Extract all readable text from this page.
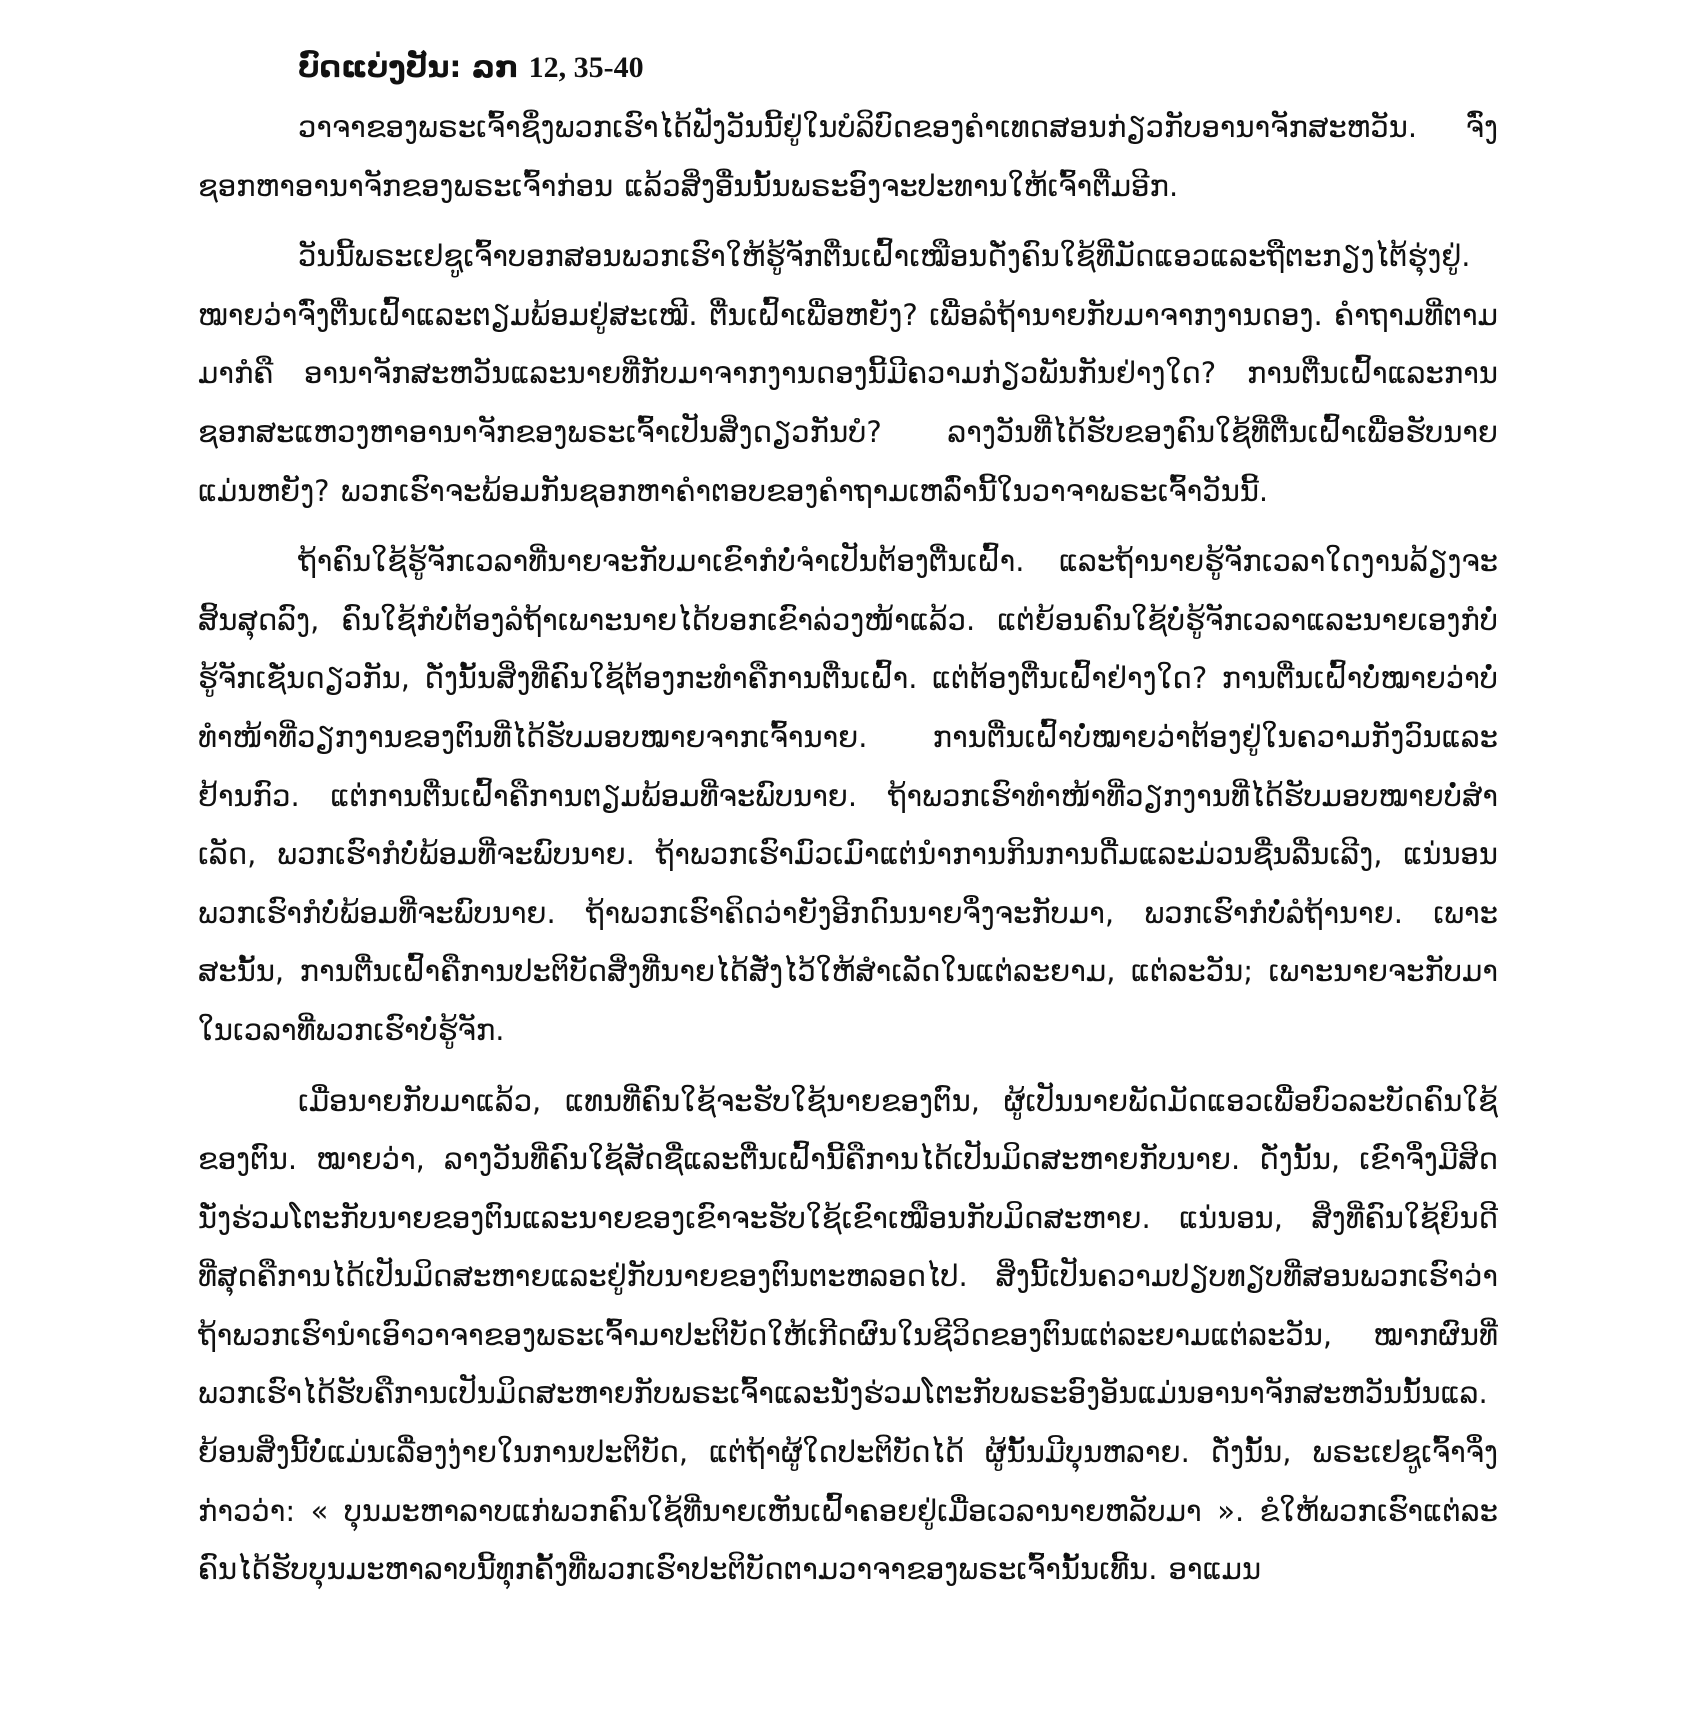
ບົດແບ່ງປັນ: ລກ 12, 35-40

ວາຈາຂອງພຣະເຈົ້າຊຶ່ງພວກເຮົາໄດ້ຟັງວັນນີ້ຢູ່ໃນບໍລິບົດຂອງຄໍາເທດສອນກ່ຽວກັບອານາຈັກສະຫວັນ. ຈົ່ງຊອກຫາອານາຈັກຂອງພຣະເຈົ້າກ່ອນ ແລ້ວສິ່ງອື່ນນັ້ນພຣະອົງຈະປະທານໃຫ້ເຈົ້າຕື່ມອີກ.

ວັນນີ້ພຣະເຢຊູເຈົ້າບອກສອນພວກເຮົາໃຫ້ຮູ້ຈັກຕື່ນເຝົ້າເໝືອນດັ່ງຄົນໃຊ້ທີ່ມັດແອວແລະຖືຕະກຽງໄຕ້ຮຸ່ງຢູ່. ໝາຍວ່າຈົ່ງຕື່ນເຝົ້າແລະຕຽມພ້ອມຢູ່ສະເໝີ. ຕື່ນເຝົ້າເພື່ອຫຍັງ? ເພື່ອລໍຖ້ານາຍກັບມາຈາກງານດອງ. ຄໍາຖາມທີ່ຕາມມາກໍຄື ອານາຈັກສະຫວັນແລະນາຍທີ່ກັບມາຈາກງານດອງນີ້ມີຄວາມກ່ຽວພັນກັນຢ່າງໃດ? ການຕື່ນເຝົ້າແລະການຊອກສະແຫວງຫາອານາຈັກຂອງພຣະເຈົ້າເປັນສິ່ງດຽວກັນບໍ? ລາງວັນທີ່ໄດ້ຮັບຂອງຄົນໃຊ້ທີ່ຕື່ນເຝົ້າເພື່ອຮັບນາຍແມ່ນຫຍັງ? ພວກເຮົາຈະພ້ອມກັນຊອກຫາຄໍາຕອບຂອງຄໍາຖາມເຫລົ່ານີ້ໃນວາຈາພຣະເຈົ້າວັນນີ້.

ຖ້າຄົນໃຊ້ຮູ້ຈັກເວລາທີ່ນາຍຈະກັບມາເຂົາກໍບໍ່ຈໍາເປັນຕ້ອງຕື່ນເຝົ້າ. ແລະຖ້ານາຍຮູ້ຈັກເວລາໃດງານລ້ຽງຈະສິ້ນສຸດລົງ, ຄົນໃຊ້ກໍບໍ່ຕ້ອງລໍຖ້າເພາະນາຍໄດ້ບອກເຂົາລ່ວງໜ້າແລ້ວ. ແຕ່ຍ້ອນຄົນໃຊ້ບໍ່ຮູ້ຈັກເວລາແລະນາຍເອງກໍບໍ່ຮູ້ຈັກເຊັ່ນດຽວກັນ, ດັ່ງນັ້ນສິ່ງທີ່ຄົນໃຊ້ຕ້ອງກະທໍາຄືການຕື່ນເຝົ້າ. ແຕ່ຕ້ອງຕື່ນເຝົ້າຢ່າງໃດ? ການຕື່ນເຝົ້າບໍ່ໝາຍວ່າບໍ່ທໍາໜ້າທີ່ວຽກງານຂອງຕົນທີ່ໄດ້ຮັບມອບໝາຍຈາກເຈົ້ານາຍ. ການຕື່ນເຝົ້າບໍ່ໝາຍວ່າຕ້ອງຢູ່ໃນຄວາມກັງວົນແລະຢ້ານກົວ. ແຕ່ການຕື່ນເຝົ້າຄືການຕຽມພ້ອມທີ່ຈະພົບນາຍ. ຖ້າພວກເຮົາທໍາໜ້າທີ່ວຽກງານທີ່ໄດ້ຮັບມອບໝາຍບໍ່ສໍາເລັດ, ພວກເຮົາກໍບໍ່ພ້ອມທີ່ຈະພົບນາຍ. ຖ້າພວກເຮົາມົວເມົາແຕ່ນໍາການກິນການດື່ມແລະມ່ວນຊື່ນລື່ນເລີງ, ແນ່ນອນພວກເຮົາກໍບໍ່ພ້ອມທີ່ຈະພົບນາຍ. ຖ້າພວກເຮົາຄິດວ່າຍັງອີກດົນນາຍຈຶ່ງຈະກັບມາ, ພວກເຮົາກໍບໍ່ລໍຖ້ານາຍ. ເພາະສະນັ້ນ, ການຕື່ນເຝົ້າຄືການປະຕິບັດສິ່ງທີ່ນາຍໄດ້ສັ່ງໄວ້ໃຫ້ສໍາເລັດໃນແຕ່ລະຍາມ, ແຕ່ລະວັນ; ເພາະນາຍຈະກັບມາໃນເວລາທີ່ພວກເຮົາບໍ່ຮູ້ຈັກ.

ເມື່ອນາຍກັບມາແລ້ວ, ແທນທີ່ຄົນໃຊ້ຈະຮັບໃຊ້ນາຍຂອງຕົນ, ຜູ້ເປັນນາຍພັດມັດແອວເພື່ອບົວລະບັດຄົນໃຊ້ຂອງຕົນ. ໝາຍວ່າ, ລາງວັນທີ່ຄົນໃຊ້ສັດຊື່ແລະຕື່ນເຝົ້ານີ້ຄືການໄດ້ເປັນມິດສະຫາຍກັບນາຍ. ດັ່ງນັ້ນ, ເຂົາຈຶ່ງມີສິດນັ່ງຮ່ວມໂຕະກັບນາຍຂອງຕົນແລະນາຍຂອງເຂົາຈະຮັບໃຊ້ເຂົາເໝືອນກັບມິດສະຫາຍ. ແນ່ນອນ, ສິ່ງທີ່ຄົນໃຊ້ຍິນດີທີ່ສຸດຄືການໄດ້ເປັນມິດສະຫາຍແລະຢູ່ກັບນາຍຂອງຕົນຕະຫລອດໄປ. ສິ່ງນີ້ເປັນຄວາມປຽບທຽບທີ່ສອນພວກເຮົາວ່າ ຖ້າພວກເຮົານໍາເອົາວາຈາຂອງພຣະເຈົ້າມາປະຕິບັດໃຫ້ເກີດຜົນໃນຊີວິດຂອງຕົນແຕ່ລະຍາມແຕ່ລະວັນ, ໝາກຜົນທີ່ພວກເຮົາໄດ້ຮັບຄືການເປັນມິດສະຫາຍກັບພຣະເຈົ້າແລະນັ່ງຮ່ວມໂຕະກັບພຣະອົງອັນແມ່ນອານາຈັກສະຫວັນນັ້ນແລ. ຍ້ອນສິ່ງນີ້ບໍ່ແມ່ນເລື່ອງງ່າຍໃນການປະຕິບັດ, ແຕ່ຖ້າຜູ້ໃດປະຕິບັດໄດ້ ຜູ້ນັ້ນມີບຸນຫລາຍ. ດັ່ງນັ້ນ, ພຣະເຢຊູເຈົ້າຈຶ່ງກ່າວວ່າ: « ບຸນມະຫາລາບແກ່ພວກຄົນໃຊ້ທີ່ນາຍເຫັນເຝົ້າຄອຍຢູ່ເມື່ອເວລານາຍຫລັບມາ ». ຂໍໃຫ້ພວກເຮົາແຕ່ລະຄົນໄດ້ຮັບບຸນມະຫາລາບນີ້ທຸກຄັ້ງທີ່ພວກເຮົາປະຕິບັດຕາມວາຈາຂອງພຣະເຈົ້ານັ້ນເທີ້ນ. ອາແມນ
